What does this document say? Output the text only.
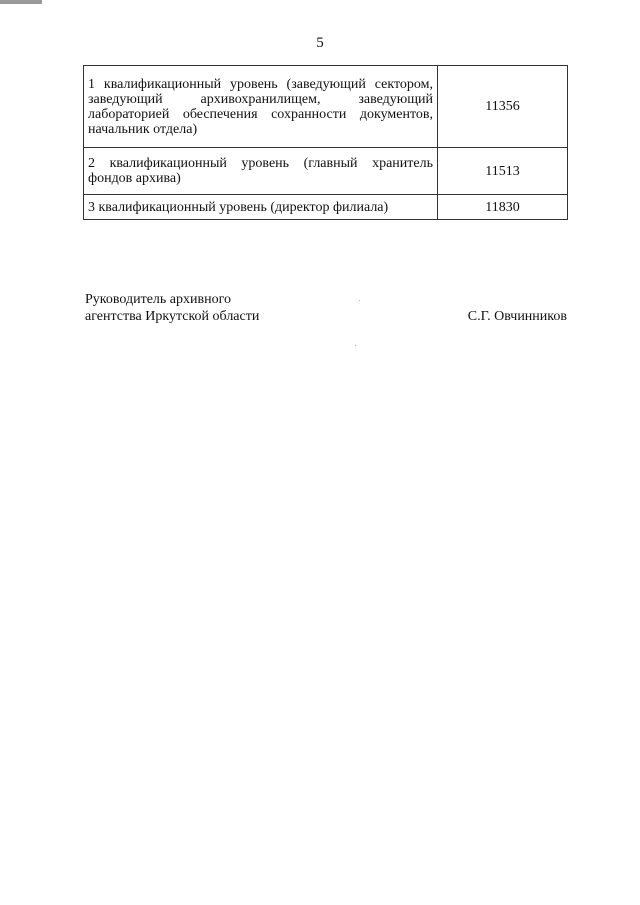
5
1 квалификационный уровень (заведующий сектором, заведующий архивохранилищем, заведующий лабораторией обеспечения сохранности документов, начальник отдела)	11356
2 квалификационный уровень (главный хранитель фондов архива)	11513
3 квалификационный уровень (директор филиала)	11830
Руководитель архивного
агентства Иркутской области	С.Г. Овчинников
